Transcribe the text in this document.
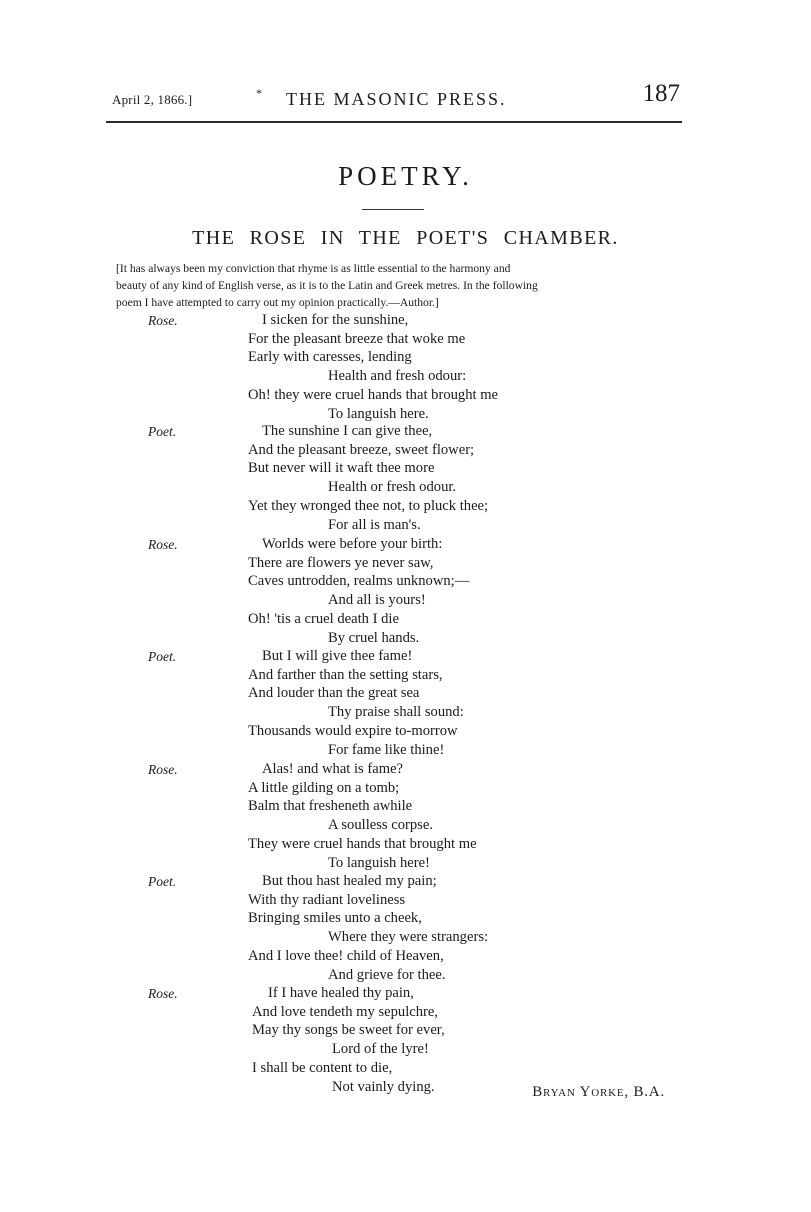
April 2, 1866.]	* THE MASONIC PRESS.	187
POETRY.
THE ROSE IN THE POET'S CHAMBER.

[It has always been my conviction that rhyme is as little essential to the harmony and

beauty of any kind of English verse, as it is to the Latin and Greek metres. In the following

poem I have attempted to carry out my opinion practically.—Author.]

Rose.	I sicken for the sunshine,
For the pleasant breeze that woke me
Early with caresses, lending
Health and fresh odour:
Oh! they were cruel hands that brought me
To languish here.
Poet.	The sunshine I can give thee,
And the pleasant breeze, sweet flower;
But never will it waft thee more
Health or fresh odour.
Yet they wronged thee not, to pluck thee;
For all is man's.
Rose.	Worlds were before your birth:
There are flowers ye never saw,
Caves untrodden, realms unknown;—
And all is yours!
Oh! 'tis a cruel death I die
By cruel hands.
Poet.	But I will give thee fame!
And farther than the setting stars,
And louder than the great sea
Thy praise shall sound:
Thousands would expire to-morrow
For fame like thine!
Rose.	Alas! and what is fame?
A little gilding on a tomb;
Balm that fresheneth awhile
A soulless corpse.
They were cruel hands that brought me
To languish here!
Poet.	But thou hast healed my pain;
With thy radiant loveliness
Bringing smiles unto a cheek,
Where they were strangers:
And I love thee! child of Heaven,
And grieve for thee.
Rose.	If I have healed thy pain,
And love tendeth my sepulchre,
May thy songs be sweet for ever,
Lord of the lyre!
I shall be content to die,
Not vainly dying.	Bryan Yorke, B.A.
